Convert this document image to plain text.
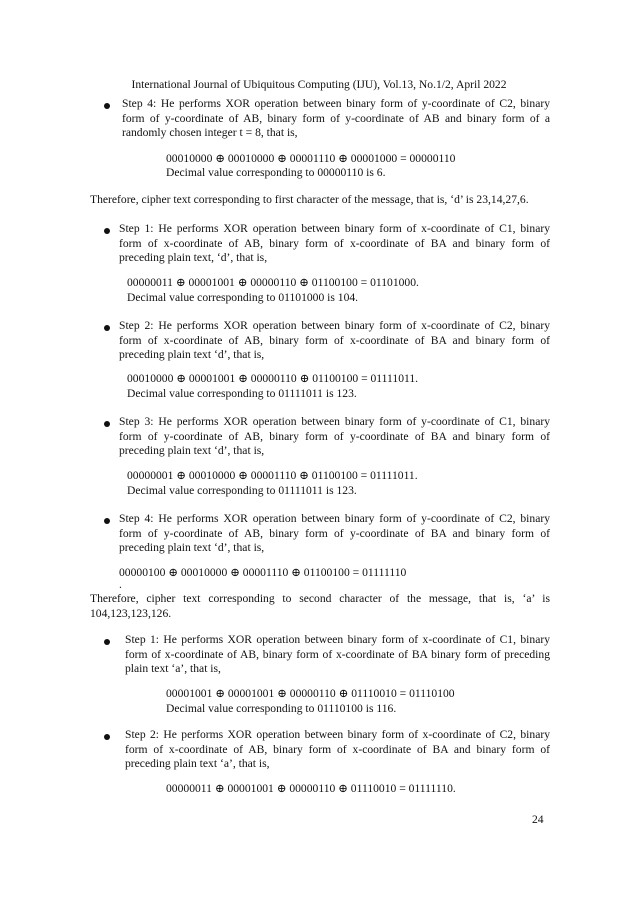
International Journal of Ubiquitous Computing (IJU), Vol.13, No.1/2, April 2022
Step 4: He performs XOR operation between binary form of y-coordinate of C2, binary form of y-coordinate of AB, binary form of y-coordinate of AB and binary form of a randomly chosen integer t = 8, that is,
00010000 ⊕ 00010000 ⊕ 00001110 ⊕ 00001000 = 00000110
Decimal value corresponding to 00000110 is 6.
Therefore, cipher text corresponding to first character of the message, that is, ‘d’ is 23,14,27,6.
Step 1: He performs XOR operation between binary form of x-coordinate of C1, binary form of x-coordinate of AB, binary form of x-coordinate of BA and binary form of preceding plain text, ‘d’, that is,
00000011 ⊕ 00001001 ⊕ 00000110 ⊕ 01100100 = 01101000.
Decimal value corresponding to 01101000 is 104.
Step 2: He performs XOR operation between binary form of x-coordinate of C2, binary form of x-coordinate of AB, binary form of x-coordinate of BA and binary form of preceding plain text ‘d’, that is,
00010000 ⊕ 00001001 ⊕ 00000110 ⊕ 01100100 = 01111011.
Decimal value corresponding to 01111011 is 123.
Step 3: He performs XOR operation between binary form of y-coordinate of C1, binary form of y-coordinate of AB, binary form of y-coordinate of BA and binary form of preceding plain text ‘d’, that is,
00000001 ⊕ 00010000 ⊕ 00001110 ⊕ 01100100 = 01111011.
Decimal value corresponding to 01111011 is 123.
Step 4: He performs XOR operation between binary form of y-coordinate of C2, binary form of y-coordinate of AB, binary form of y-coordinate of BA and binary form of preceding plain text ‘d’, that is,
00000100 ⊕ 00010000 ⊕ 00001110 ⊕ 01100100 = 01111110
.
Therefore, cipher text corresponding to second character of the message, that is, ‘a’ is 104,123,123,126.
Step 1: He performs XOR operation between binary form of x-coordinate of C1, binary form of x-coordinate of AB, binary form of x-coordinate of BA binary form of preceding plain text ‘a’, that is,
00001001 ⊕ 00001001 ⊕ 00000110 ⊕ 01110010 = 01110100
Decimal value corresponding to 01110100 is 116.
Step 2: He performs XOR operation between binary form of x-coordinate of C2, binary form of x-coordinate of AB, binary form of x-coordinate of BA and binary form of preceding plain text ‘a’, that is,
00000011 ⊕ 00001001 ⊕ 00000110 ⊕ 01110010 = 01111110.
24
